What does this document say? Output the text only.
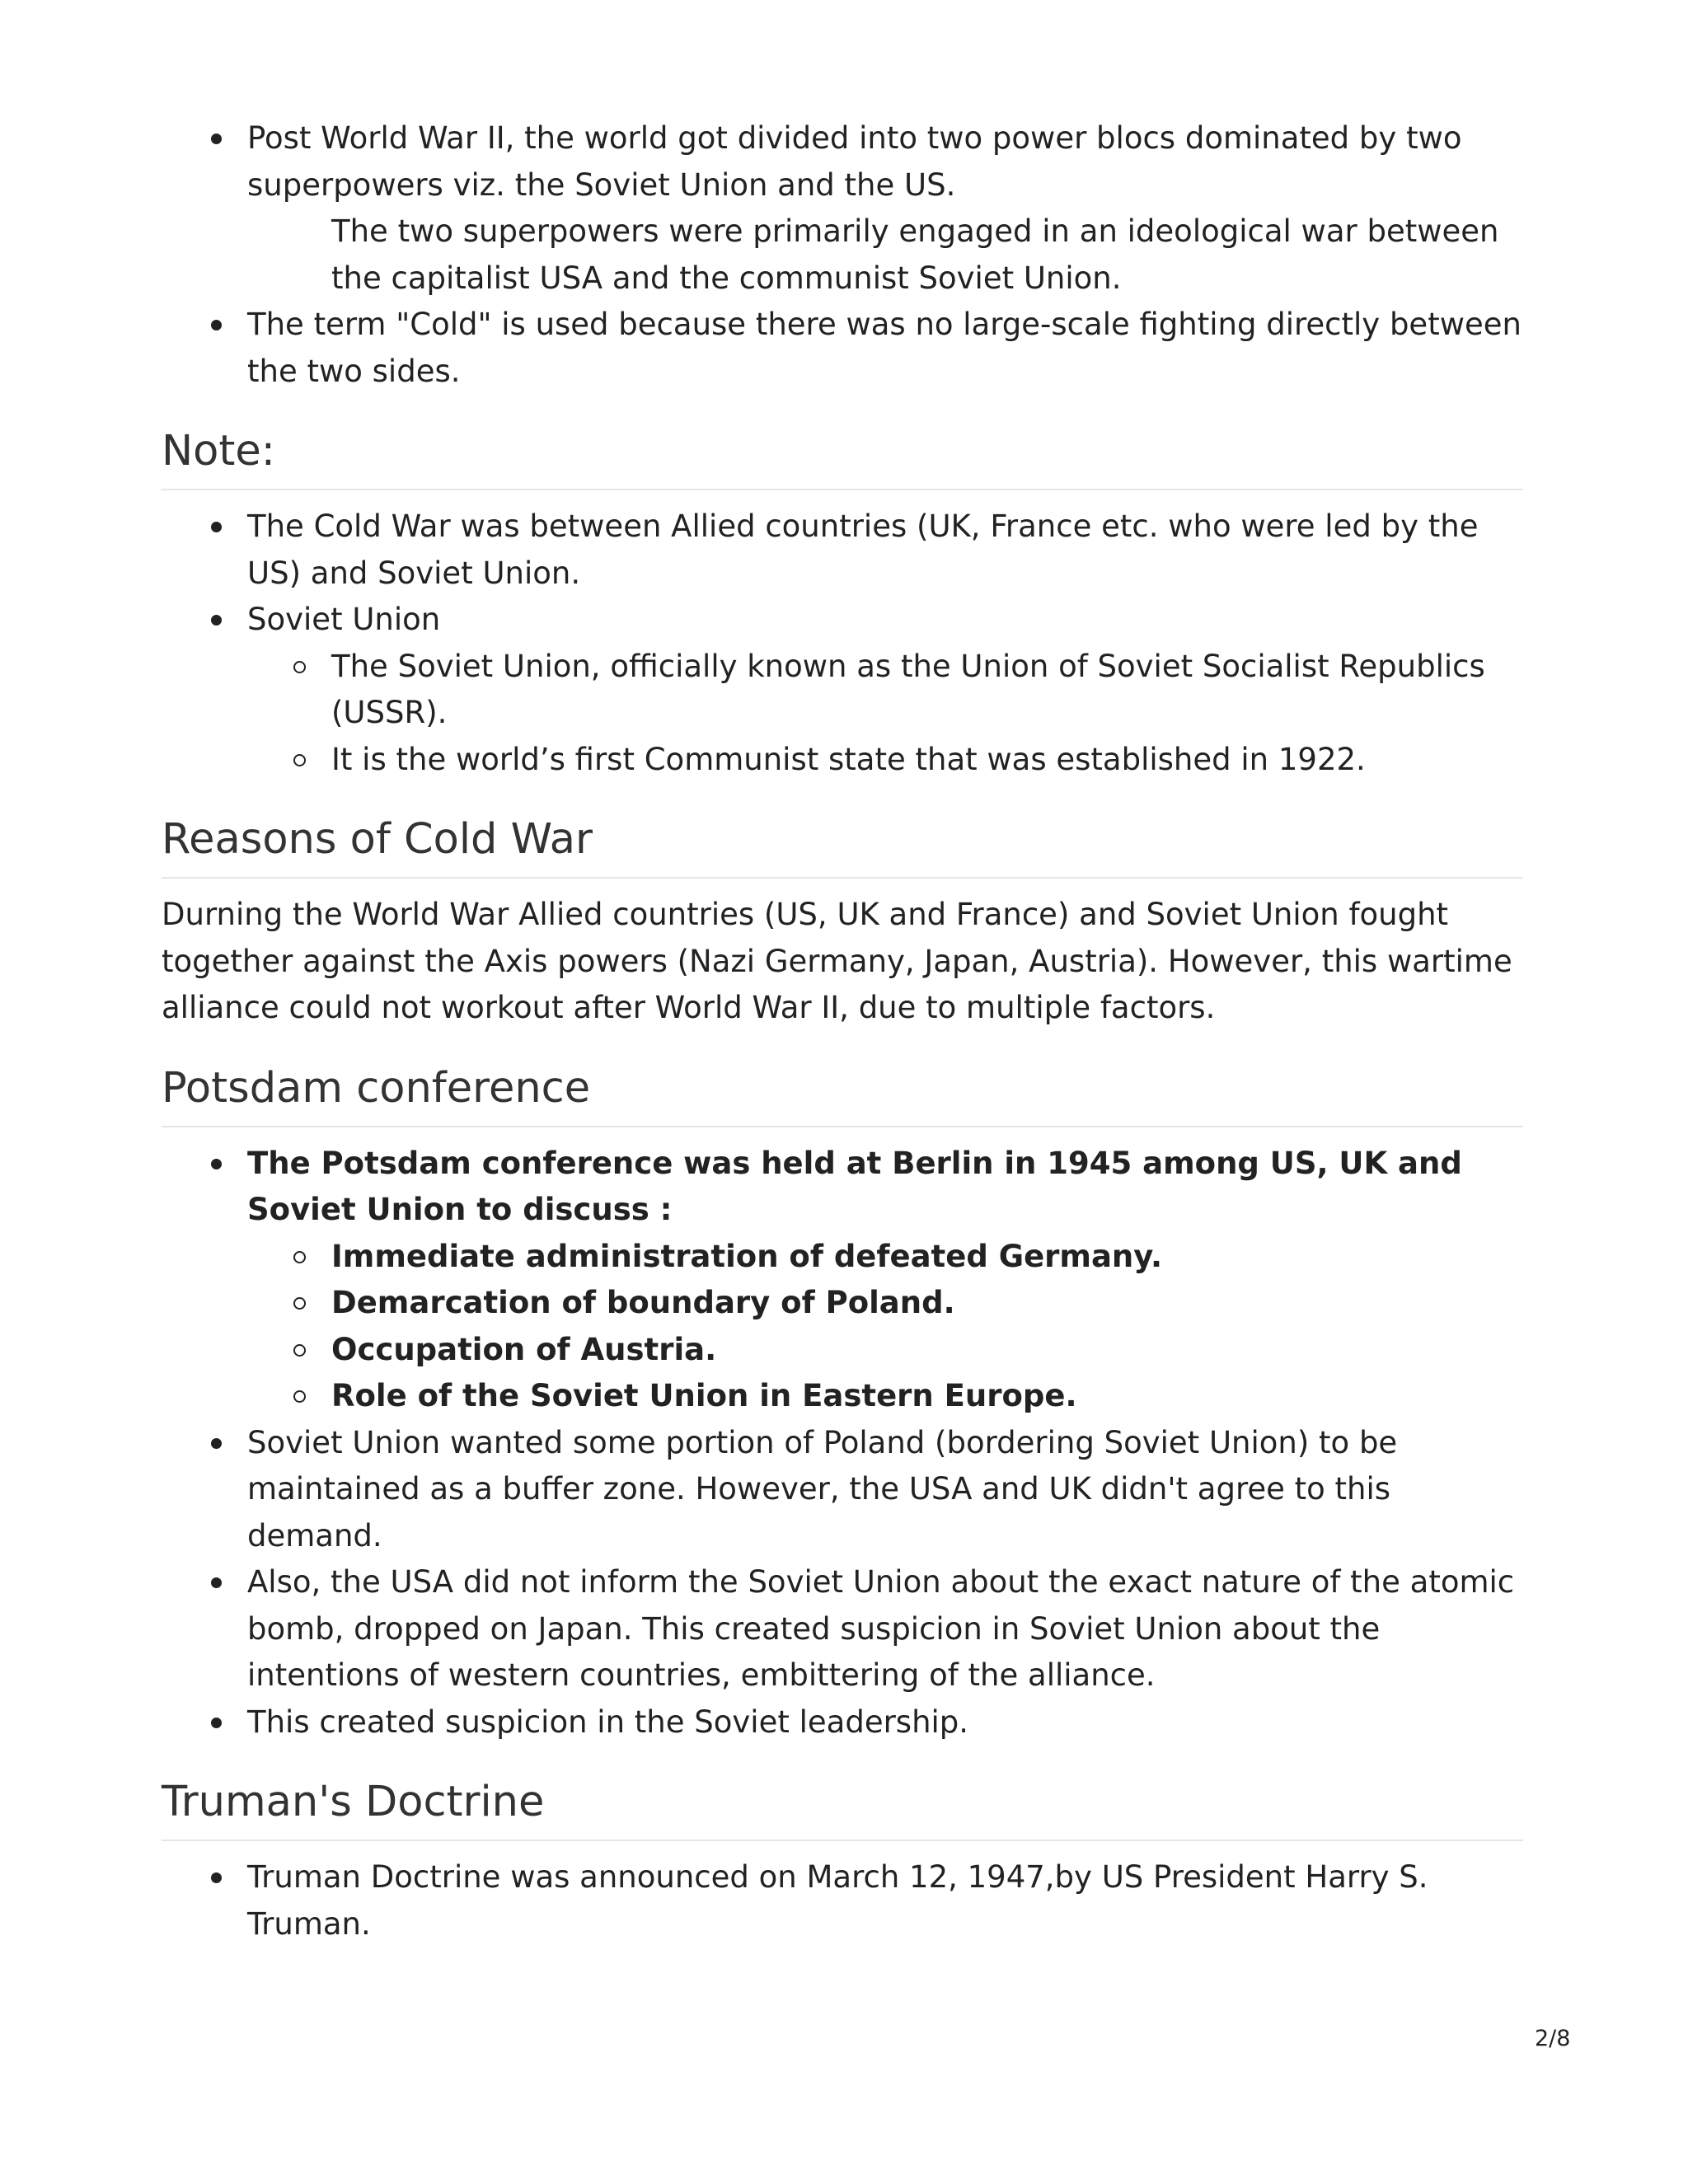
Post World War II, the world got divided into two power blocs dominated by two superpowers viz. the Soviet Union and the US.
The two superpowers were primarily engaged in an ideological war between the capitalist USA and the communist Soviet Union.
The term "Cold" is used because there was no large-scale fighting directly between the two sides.
Note:
The Cold War was between Allied countries (UK, France etc. who were led by the US) and Soviet Union.
Soviet Union
The Soviet Union, officially known as the Union of Soviet Socialist Republics (USSR).
It is the world’s first Communist state that was established in 1922.
Reasons of Cold War
Durning the World War Allied countries (US, UK and France) and Soviet Union fought together against the Axis powers (Nazi Germany, Japan, Austria). However, this wartime alliance could not workout after World War II, due to multiple factors.
Potsdam conference
The Potsdam conference was held at Berlin in 1945 among US, UK and Soviet Union to discuss :
Immediate administration of defeated Germany.
Demarcation of boundary of Poland.
Occupation of Austria.
Role of the Soviet Union in Eastern Europe.
Soviet Union wanted some portion of Poland (bordering Soviet Union) to be maintained as a buffer zone. However, the USA and UK didn't agree to this demand.
Also, the USA did not inform the Soviet Union about the exact nature of the atomic bomb, dropped on Japan. This created suspicion in Soviet Union about the intentions of western countries, embittering of the alliance.
This created suspicion in the Soviet leadership.
Truman's Doctrine
Truman Doctrine was announced on March 12, 1947,by US President Harry S. Truman.
2/8
